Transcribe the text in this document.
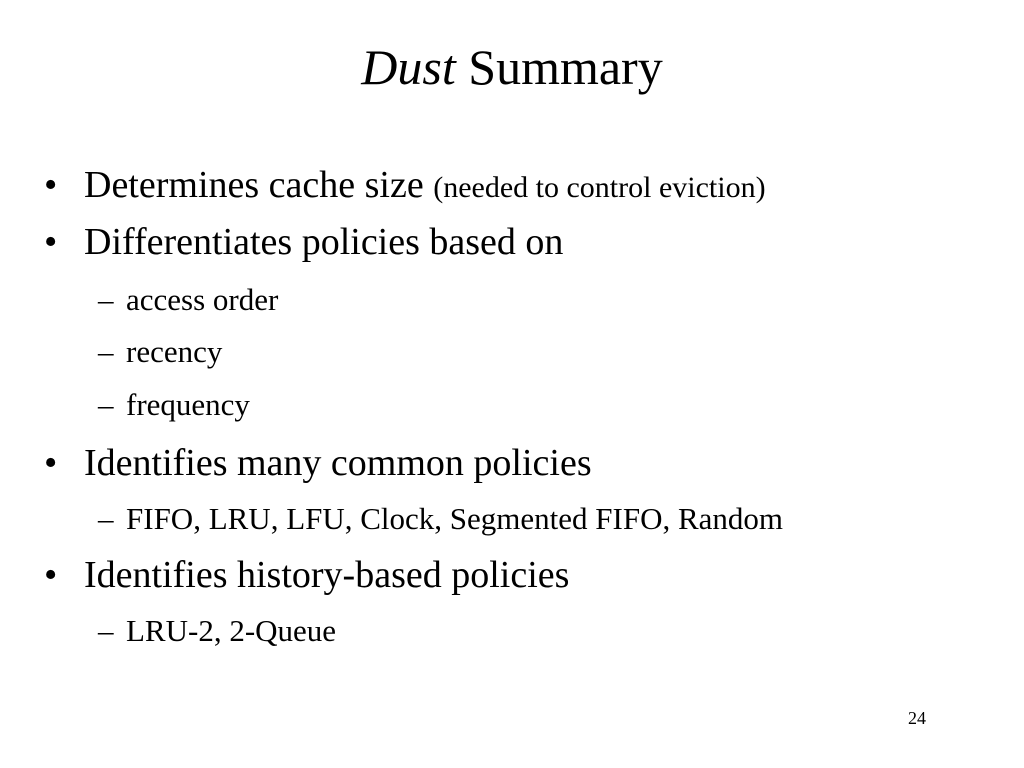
Dust Summary
• Determines cache size (needed to control eviction)
• Differentiates policies based on
– access order
– recency
– frequency
• Identifies many common policies
– FIFO, LRU, LFU, Clock, Segmented FIFO, Random
• Identifies history-based policies
– LRU-2, 2-Queue
24
